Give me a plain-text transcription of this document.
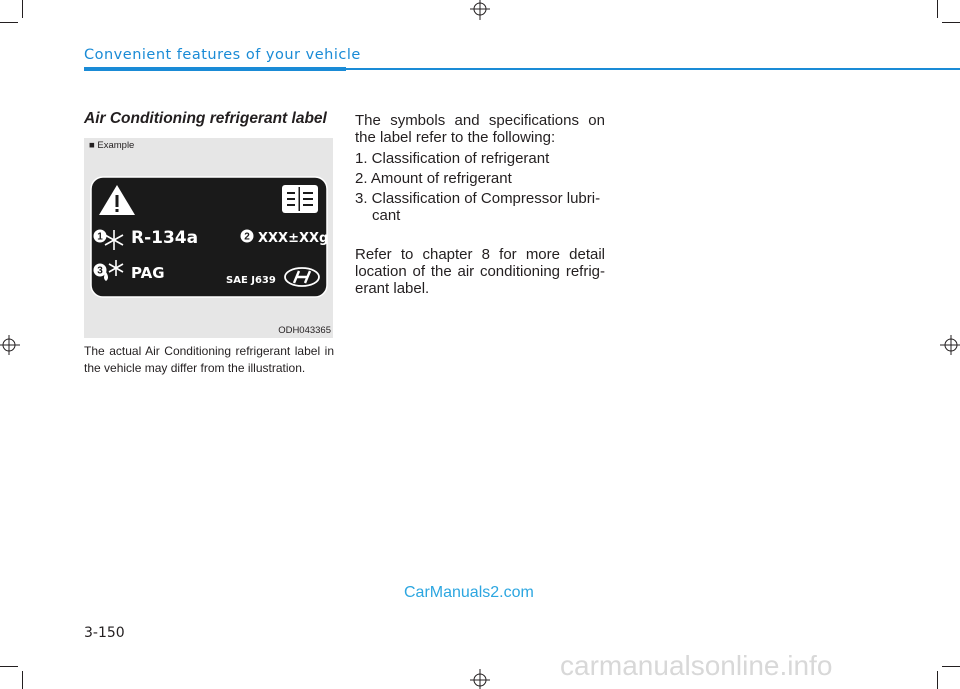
Convenient features of your vehicle
Air Conditioning refrigerant label
■ Example
1 R-134a	2 XXX±XXg
3 PAG	SAE J639
ODH043365
The actual Air Conditioning refrigerant label in the vehicle may differ from the illustration.

The symbols and specifications on the label refer to the following:

1. Classification of refrigerant

2. Amount of refrigerant

3. Classification of Compressor lubri- cant

Refer to chapter 8 for more detail location of the air conditioning refrig- erant label.

CarManuals2.com
3-150
carmanualsonline.info
